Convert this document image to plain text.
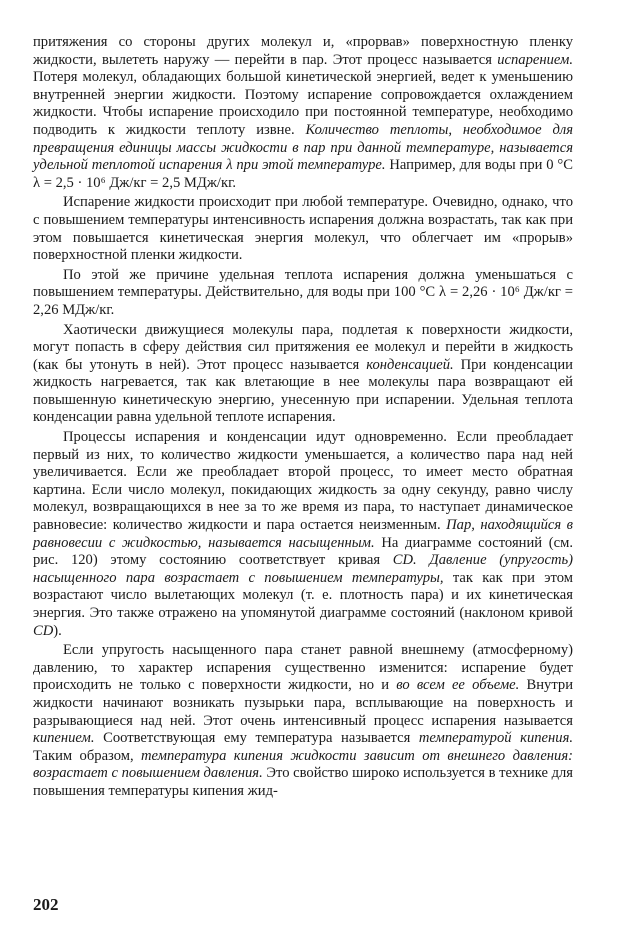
притяжения со стороны других молекул и, «прорвав» поверхностную пленку жидкости, вылететь наружу — перейти в пар. Этот процесс называется испарением. Потеря молекул, обладающих большой кинетической энергией, ведет к уменьшению внутренней энергии жидкости. Поэтому испарение сопровождается охлаждением жидкости. Чтобы испарение происходило при постоянной температуре, необходимо подводить к жидкости теплоту извне. Количество теплоты, необходимое для превращения единицы массы жидкости в пар при данной температуре, называется удельной теплотой испарения λ при этой температуре. Например, для воды при 0 °C λ = 2,5 · 10⁶ Дж/кг = 2,5 МДж/кг.

Испарение жидкости происходит при любой температуре. Очевидно, однако, что с повышением температуры интенсивность испарения должна возрастать, так как при этом повышается кинетическая энергия молекул, что облегчает им «прорыв» поверхностной пленки жидкости.

По этой же причине удельная теплота испарения должна уменьшаться с повышением температуры. Действительно, для воды при 100 °C λ = 2,26 · 10⁶ Дж/кг = 2,26 МДж/кг.

Хаотически движущиеся молекулы пара, подлетая к поверхности жидкости, могут попасть в сферу действия сил притяжения ее молекул и перейти в жидкость (как бы утонуть в ней). Этот процесс называется конденсацией. При конденсации жидкость нагревается, так как влетающие в нее молекулы пара возвращают ей повышенную кинетическую энергию, унесенную при испарении. Удельная теплота конденсации равна удельной теплоте испарения.

Процессы испарения и конденсации идут одновременно. Если преобладает первый из них, то количество жидкости уменьшается, а количество пара над ней увеличивается. Если же преобладает второй процесс, то имеет место обратная картина. Если число молекул, покидающих жидкость за одну секунду, равно числу молекул, возвращающихся в нее за то же время из пара, то наступает динамическое равновесие: количество жидкости и пара остается неизменным. Пар, находящийся в равновесии с жидкостью, называется насыщенным. На диаграмме состояний (см. рис. 120) этому состоянию соответствует кривая CD. Давление (упругость) насыщенного пара возрастает с повышением температуры, так как при этом возрастают число вылетающих молекул (т. е. плотность пара) и их кинетическая энергия. Это также отражено на упомянутой диаграмме состояний (наклоном кривой CD).

Если упругость насыщенного пара станет равной внешнему (атмосферному) давлению, то характер испарения существенно изменится: испарение будет происходить не только с поверхности жидкости, но и во всем ее объеме. Внутри жидкости начинают возникать пузырьки пара, всплывающие на поверхность и разрывающиеся над ней. Этот очень интенсивный процесс испарения называется кипением. Соответствующая ему температура называется температурой кипения. Таким образом, температура кипения жидкости зависит от внешнего давления: возрастает с повышением давления. Это свойство широко используется в технике для повышения температуры кипения жид-

202
